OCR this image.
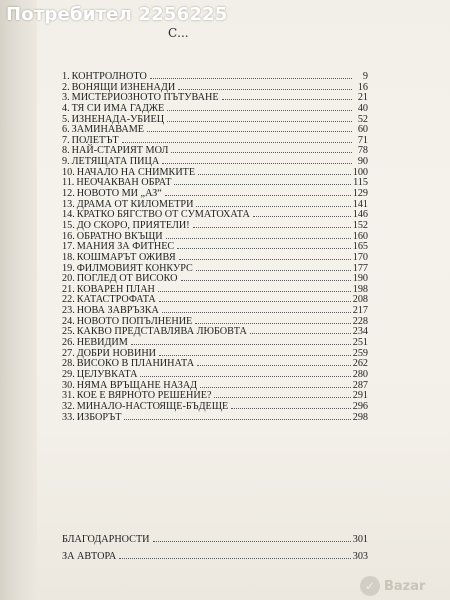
Потребител 2256225
С...
1. КОНТРОЛНОТО	9
2. ВОНЯЩИ ИЗНЕНАДИ	16
3. МИСТЕРИОЗНОТО ПЪТУВАНЕ	21
4. ТЯ СИ ИМА ГАДЖЕ	40
5. ИЗНЕНАДА-УБИЕЦ	52
6. ЗАМИНАВАМЕ	60
7. ПОЛЕТЪТ	71
8. НАЙ-СТАРИЯТ МОЛ	78
9. ЛЕТЯЩАТА ПИЦА	90
10. НАЧАЛО НА СНИМКИТЕ	100
11. НЕОЧАКВАН ОБРАТ	115
12. НОВОТО МИ „АЗ“	129
13. ДРАМА ОТ КИЛОМЕТРИ	141
14. КРАТКО БЯГСТВО ОТ СУМАТОХАТА	146
15. ДО СКОРО, ПРИЯТЕЛИ!	152
16. ОБРАТНО ВКЪЩИ	160
17. МАНИЯ ЗА ФИТНЕС	165
18. КОШМАРЪТ ОЖИВЯ	170
19. ФИЛМОВИЯТ КОНКУРС	177
20. ПОГЛЕД ОТ ВИСОКО	190
21. КОВАРЕН ПЛАН	198
22. КАТАСТРОФАТА	208
23. НОВА ЗАВРЪЗКА	217
24. НОВОТО ПОПЪЛНЕНИЕ	228
25. КАКВО ПРЕДСТАВЛЯВА ЛЮБОВТА	234
26. НЕВИДИМ	251
27. ДОБРИ НОВИНИ	259
28. ВИСОКО В ПЛАНИНАТА	262
29. ЦЕЛУВКАТА	280
30. НЯМА ВРЪЩАНЕ НАЗАД	287
31. КОЕ Е ВЯРНОТО РЕШЕНИЕ?	291
32. МИНАЛО-НАСТОЯЩЕ-БЪДЕЩЕ	296
33. ИЗБОРЪТ	298
БЛАГОДАРНОСТИ	301
ЗА АВТОРА	303
✓ Bazar
